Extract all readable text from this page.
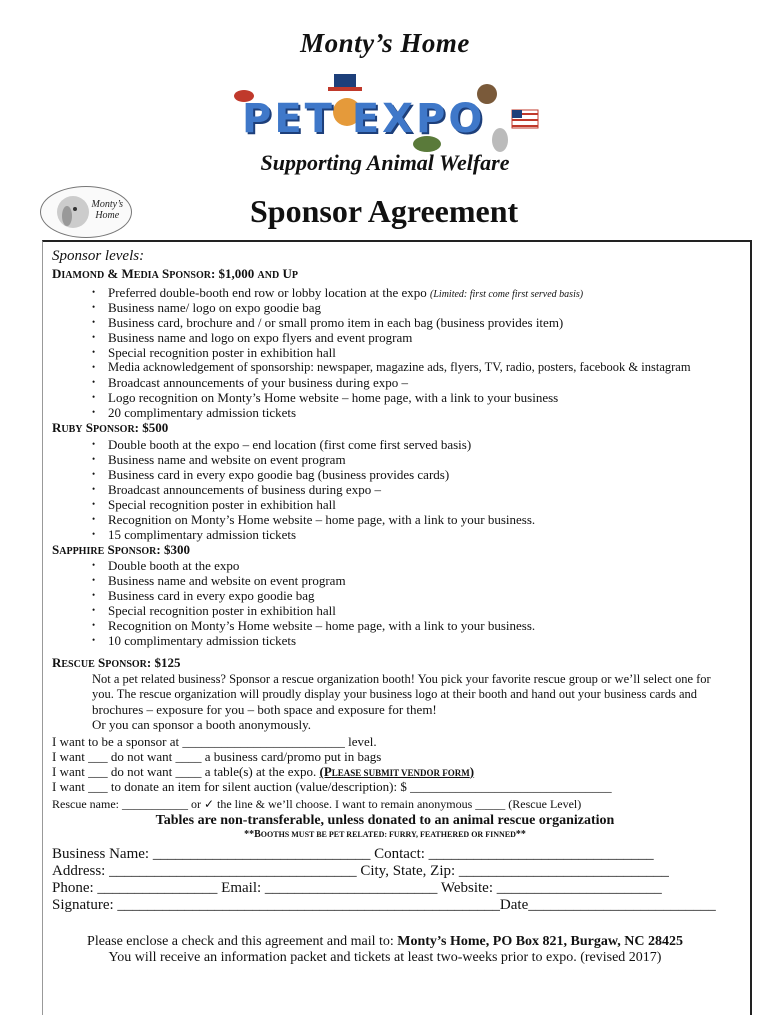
Monty’s Home
PET EXPO
Supporting Animal Welfare
Monty’s
Home	Sponsor Agreement
Sponsor levels:
DIAMOND & MEDIA SPONSOR: $1,000 AND UP
• Preferred double-booth end row or lobby location at the expo (Limited: first come first served basis)
• Business name/ logo on expo goodie bag
• Business card, brochure and / or small promo item in each bag (business provides item)
• Business name and logo on expo flyers and event program
• Special recognition poster in exhibition hall
• Media acknowledgement of sponsorship: newspaper, magazine ads, flyers, TV, radio, posters, facebook & instagram
• Broadcast announcements of your business during expo –
• Logo recognition on Monty’s Home website – home page, with a link to your business
• 20 complimentary admission tickets
RUBY SPONSOR: $500
• Double booth at the expo – end location (first come first served basis)
• Business name and website on event program
• Business card in every expo goodie bag (business provides cards)
• Broadcast announcements of business during expo –
• Special recognition poster in exhibition hall
• Recognition on Monty’s Home website – home page, with a link to your business.
• 15 complimentary admission tickets
SAPPHIRE SPONSOR: $300
• Double booth at the expo
• Business name and website on event program
• Business card in every expo goodie bag
• Special recognition poster in exhibition hall
• Recognition on Monty’s Home website – home page, with a link to your business.
• 10 complimentary admission tickets
RESCUE SPONSOR: $125
Not a pet related business? Sponsor a rescue organization booth! You pick your favorite rescue group or we’ll select one for
you. The rescue organization will proudly display your business logo at their booth and hand out your business cards and
brochures – exposure for you – both space and exposure for them!
Or you can sponsor a booth anonymously.
I want to be a sponsor at _________________________ level.
I want ___ do not want ____ a business card/promo put in bags
I want ___ do not want ____ a table(s) at the expo. (PLEASE SUBMIT VENDOR FORM)
I want ___ to donate an item for silent auction (value/description): $ _______________________________
Rescue name: ___________ or ✓ the line & we’ll choose. I want to remain anonymous _____ (Rescue Level)
Tables are non-transferable, unless donated to an animal rescue organization
**BOOTHS MUST BE PET RELATED: FURRY, FEATHERED OR FINNED**
Business Name: _____________________________ Contact: ______________________________
Address: _________________________________ City, State, Zip: ____________________________
Phone: ________________ Email: _______________________ Website: ______________________
Signature: ___________________________________________________Date_________________________
Please enclose a check and this agreement and mail to: Monty’s Home, PO Box 821, Burgaw, NC 28425
You will receive an information packet and tickets at least two-weeks prior to expo. (revised 2017)
